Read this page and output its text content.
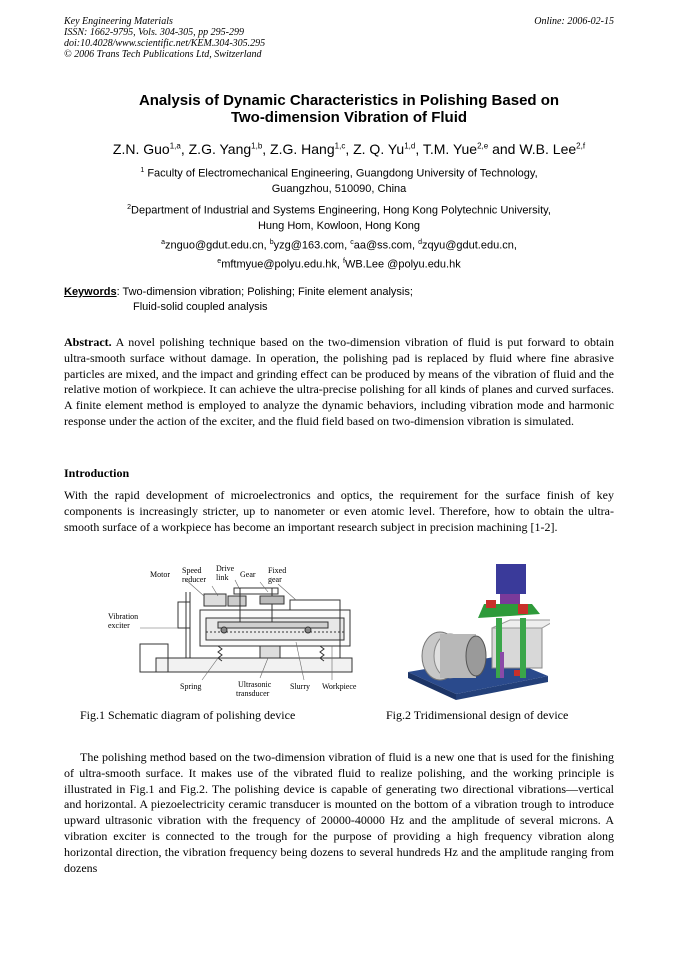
Key Engineering Materials
ISSN: 1662-9795, Vols. 304-305, pp 295-299
doi:10.4028/www.scientific.net/KEM.304-305.295
© 2006 Trans Tech Publications Ltd, Switzerland
Online: 2006-02-15
Analysis of Dynamic Characteristics in Polishing Based on
Two-dimension Vibration of Fluid
Z.N. Guo$^{1,a}$, Z.G. Yang$^{1,b}$, Z.G. Hang$^{1,c}$, Z. Q. Yu$^{1,d}$, T.M. Yue$^{2,e}$ and W.B. Lee$^{2,f}$
$^1$ Faculty of Electromechanical Engineering, Guangdong University of Technology,
Guangzhou, 510090, China
$^2$Department of Industrial and Systems Engineering, Hong Kong Polytechnic University,
Hung Hom, Kowloon, Hong Kong
$^a$znguo@gdut.edu.cn, $^b$yzg@163.com, $^c$aa@ss.com, $^d$zqyu@gdut.edu.cn,
$^e$mftmyue@polyu.edu.hk, $^f$WB.Lee @polyu.edu.hk
Keywords: Two-dimension vibration; Polishing; Finite element analysis;
Fluid-solid coupled analysis
Abstract. A novel polishing technique based on the two-dimension vibration of fluid is put forward to obtain ultra-smooth surface without damage. In operation, the polishing pad is replaced by fluid where fine abrasive particles are mixed, and the impact and grinding effect can be produced by means of the vibration of fluid and the relative motion of workpiece. It can achieve the ultra-precise polishing for all kinds of planes and curved surfaces. A finite element method is employed to analyze the dynamic behaviors, including vibration mode and harmonic response under the action of the exciter, and the fluid field based on two-dimension vibration is simulated.
Introduction
With the rapid development of microelectronics and optics, the requirement for the surface finish of key components is increasingly stricter, up to nanometer or even atomic level. Therefore, how to obtain the ultra-smooth surface of a workpiece has become an important research subject in precision machining [1-2].
Motor Speed
reducer
Drive
link Gear Fixed
gear
Vibration
exciter
Spring	Ultrasonic
transducer
Slurry Workpiece
Fig.1 Schematic diagram of polishing device	Fig.2 Tridimensional design of device
The polishing method based on the two-dimension vibration of fluid is a new one that is used for the finishing of ultra-smooth surface. It makes use of the vibrated fluid to realize polishing, and the working principle is illustrated in Fig.1 and Fig.2. The polishing device is capable of generating two directional vibrations—vertical and horizontal. A piezoelectricity ceramic transducer is mounted on the bottom of a vibration trough to introduce upward ultrasonic vibration with the frequency of 20000-40000 Hz and the amplitude of several microns. A vibration exciter is connected to the trough for the purpose of providing a high frequency vibration along horizontal direction, the vibration frequency being dozens to several hundreds Hz and the amplitude ranging from dozens
